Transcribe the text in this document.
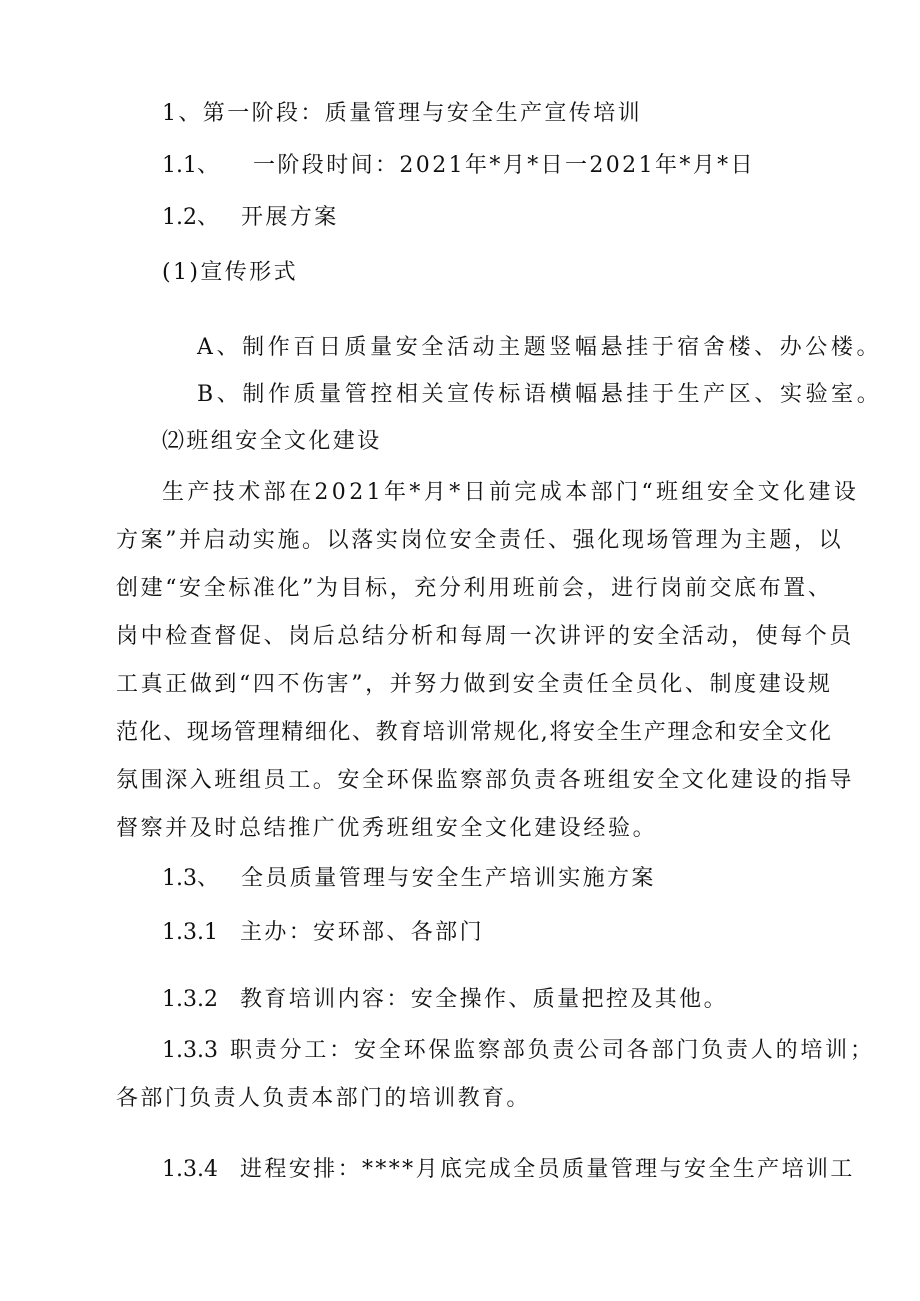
1、第一阶段：质量管理与安全生产宣传培训
1.1、 一阶段时间：2021年*月*日一2021年*月*日
1.2、 开展方案
(1)宣传形式
A、制作百日质量安全活动主题竖幅悬挂于宿舍楼、办公楼。
B、制作质量管控相关宣传标语横幅悬挂于生产区、实验室。
⑵班组安全文化建设
生产技术部在2021年*月*日前完成本部门“班组安全文化建设
方案”并启动实施。以落实岗位安全责任、强化现场管理为主题，以
创建“安全标准化”为目标，充分利用班前会，进行岗前交底布置、
岗中检查督促、岗后总结分析和每周一次讲评的安全活动，使每个员
工真正做到“四不伤害”，并努力做到安全责任全员化、制度建设规
范化、现场管理精细化、教育培训常规化,将安全生产理念和安全文化
氛围深入班组员工。安全环保监察部负责各班组安全文化建设的指导
督察并及时总结推广优秀班组安全文化建设经验。
1.3、 全员质量管理与安全生产培训实施方案
1.3.1 主办：安环部、各部门
1.3.2 教育培训内容：安全操作、质量把控及其他。
1.3.3 职责分工：安全环保监察部负责公司各部门负责人的培训；
各部门负责人负责本部门的培训教育。
1.3.4 进程安排：****月底完成全员质量管理与安全生产培训工
